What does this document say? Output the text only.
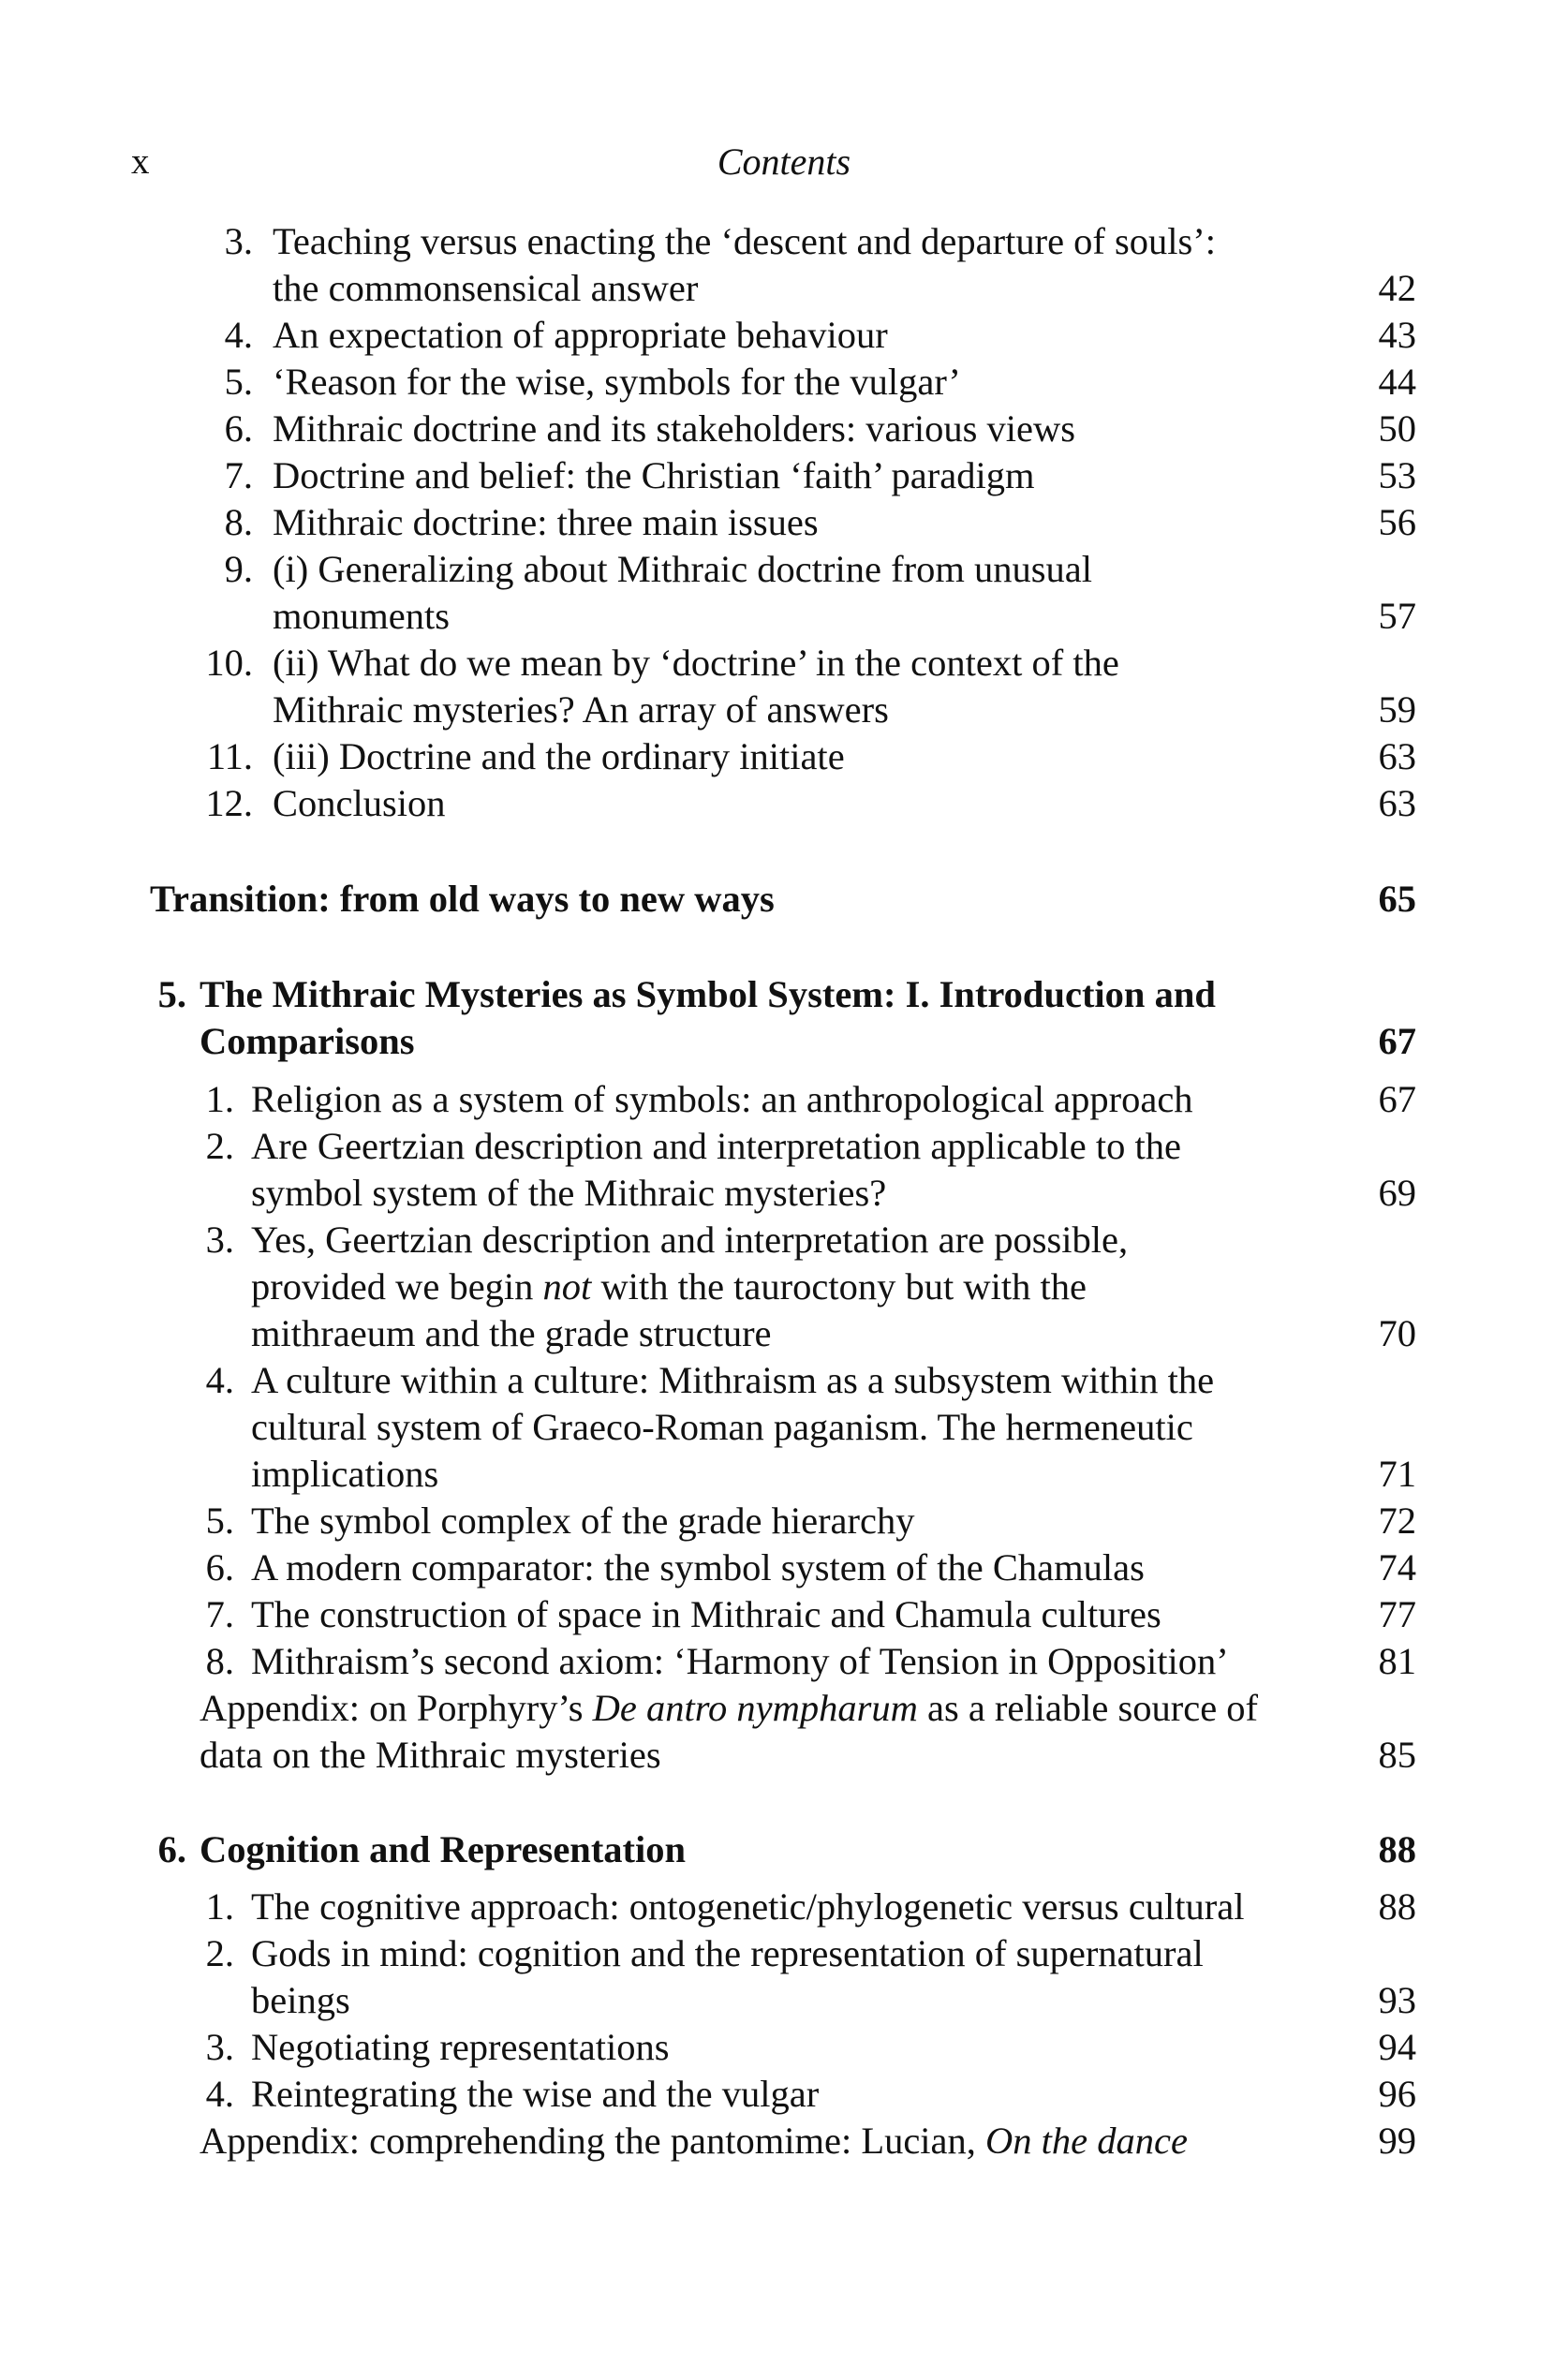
x	Contents
3. Teaching versus enacting the ‘descent and departure of souls’:
the commonsensical answer	42
4. An expectation of appropriate behaviour	43
5. ‘Reason for the wise, symbols for the vulgar’	44
6. Mithraic doctrine and its stakeholders: various views	50
7. Doctrine and belief: the Christian ‘faith’ paradigm	53
8. Mithraic doctrine: three main issues	56
9. (i) Generalizing about Mithraic doctrine from unusual
monuments	57
10. (ii) What do we mean by ‘doctrine’ in the context of the
Mithraic mysteries? An array of answers	59
11. (iii) Doctrine and the ordinary initiate	63
12. Conclusion	63
Transition: from old ways to new ways	65
5. The Mithraic Mysteries as Symbol System: I. Introduction and
Comparisons	67
1. Religion as a system of symbols: an anthropological approach	67
2. Are Geertzian description and interpretation applicable to the
symbol system of the Mithraic mysteries?	69
3. Yes, Geertzian description and interpretation are possible,
provided we begin not with the tauroctony but with the
mithraeum and the grade structure	70
4. A culture within a culture: Mithraism as a subsystem within the
cultural system of Graeco-Roman paganism. The hermeneutic
implications	71
5. The symbol complex of the grade hierarchy	72
6. A modern comparator: the symbol system of the Chamulas	74
7. The construction of space in Mithraic and Chamula cultures	77
8. Mithraism’s second axiom: ‘Harmony of Tension in Opposition’	81
Appendix: on Porphyry’s De antro nympharum as a reliable source of
data on the Mithraic mysteries	85
6. Cognition and Representation	88
1. The cognitive approach: ontogenetic/phylogenetic versus cultural	88
2. Gods in mind: cognition and the representation of supernatural
beings	93
3. Negotiating representations	94
4. Reintegrating the wise and the vulgar	96
Appendix: comprehending the pantomime: Lucian, On the dance	99
